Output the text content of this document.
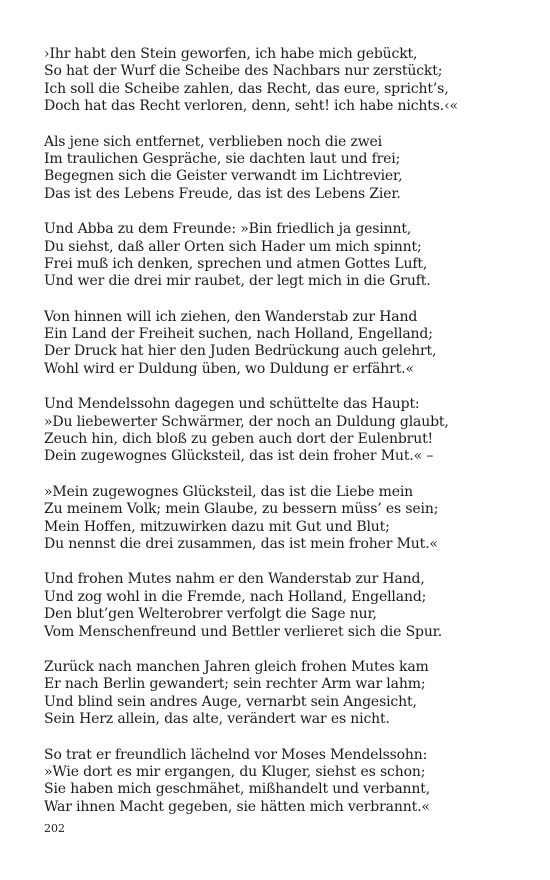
›Ihr habt den Stein geworfen, ich habe mich gebückt,
So hat der Wurf die Scheibe des Nachbars nur zerstückt;
Ich soll die Scheibe zahlen, das Recht, das eure, spricht’s,
Doch hat das Recht verloren, denn, seht! ich habe nichts.‹«
Als jene sich entfernet, verblieben noch die zwei
Im traulichen Gespräche, sie dachten laut und frei;
Begegnen sich die Geister verwandt im Lichtrevier,
Das ist des Lebens Freude, das ist des Lebens Zier.
Und Abba zu dem Freunde: »Bin friedlich ja gesinnt,
Du siehst, daß aller Orten sich Hader um mich spinnt;
Frei muß ich denken, sprechen und atmen Gottes Luft,
Und wer die drei mir raubet, der legt mich in die Gruft.
Von hinnen will ich ziehen, den Wanderstab zur Hand
Ein Land der Freiheit suchen, nach Holland, Engelland;
Der Druck hat hier den Juden Bedrückung auch gelehrt,
Wohl wird er Duldung üben, wo Duldung er erfährt.«
Und Mendelssohn dagegen und schüttelte das Haupt:
»Du liebewerter Schwärmer, der noch an Duldung glaubt,
Zeuch hin, dich bloß zu geben auch dort der Eulenbrut!
Dein zugewognes Glücksteil, das ist dein froher Mut.« –
»Mein zugewognes Glücksteil, das ist die Liebe mein
Zu meinem Volk; mein Glaube, zu bessern müss’ es sein;
Mein Hoffen, mitzuwirken dazu mit Gut und Blut;
Du nennst die drei zusammen, das ist mein froher Mut.«
Und frohen Mutes nahm er den Wanderstab zur Hand,
Und zog wohl in die Fremde, nach Holland, Engelland;
Den blut’gen Welterobrer verfolgt die Sage nur,
Vom Menschenfreund und Bettler verlieret sich die Spur.
Zurück nach manchen Jahren gleich frohen Mutes kam
Er nach Berlin gewandert; sein rechter Arm war lahm;
Und blind sein andres Auge, vernarbt sein Angesicht,
Sein Herz allein, das alte, verändert war es nicht.
So trat er freundlich lächelnd vor Moses Mendelssohn:
»Wie dort es mir ergangen, du Kluger, siehst es schon;
Sie haben mich geschmähet, mißhandelt und verbannt,
War ihnen Macht gegeben, sie hätten mich verbrannt.«
202
